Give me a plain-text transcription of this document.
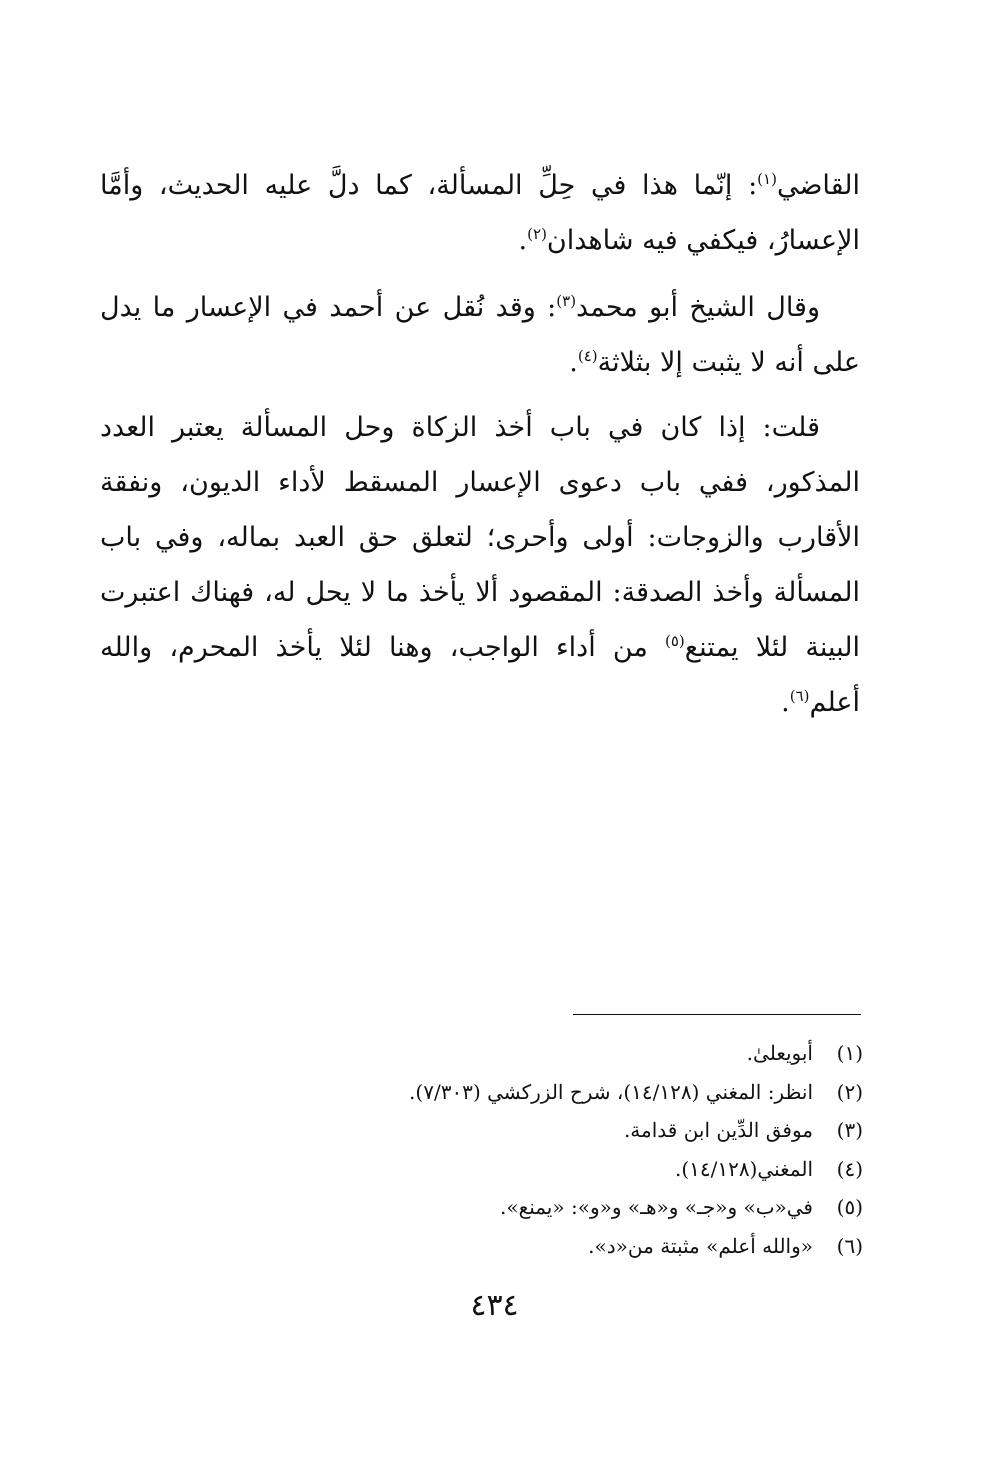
القاضي$^{(١)}$: إنّما هذا في حِلِّ المسألة، كما دلَّ عليه الحديث، وأمَّا الإعسارُ، فيكفي فيه شاهدان$^{(٢)}$.

وقال الشيخ أبو محمد$^{(٣)}$: وقد نُقل عن أحمد في الإعسار ما يدل على أنه لا يثبت إلا بثلاثة$^{(٤)}$.

قلت: إذا كان في باب أخذ الزكاة وحل المسألة يعتبر العدد المذكور، ففي باب دعوى الإعسار المسقط لأداء الديون، ونفقة الأقارب والزوجات: أولى وأحرى؛ لتعلق حق العبد بماله، وفي باب المسألة وأخذ الصدقة: المقصود ألا يأخذ ما لا يحل له، فهناك اعتبرت البينة لئلا يمتنع$^{(٥)}$ من أداء الواجب، وهنا لئلا يأخذ المحرم، والله أعلم$^{(٦)}$.

(١)أبويعلىٰ.
(٢)انظر: المغني (١٤/١٢٨)، شرح الزركشي (٧/٣٠٣).
(٣)موفق الدِّين ابن قدامة.
(٤)المغني(١٤/١٢٨).
(٥)في«ب» و«جـ» و«هـ» و«و»: «يمنع».
(٦)«والله أعلم» مثبتة من«د».
٤٣٤
